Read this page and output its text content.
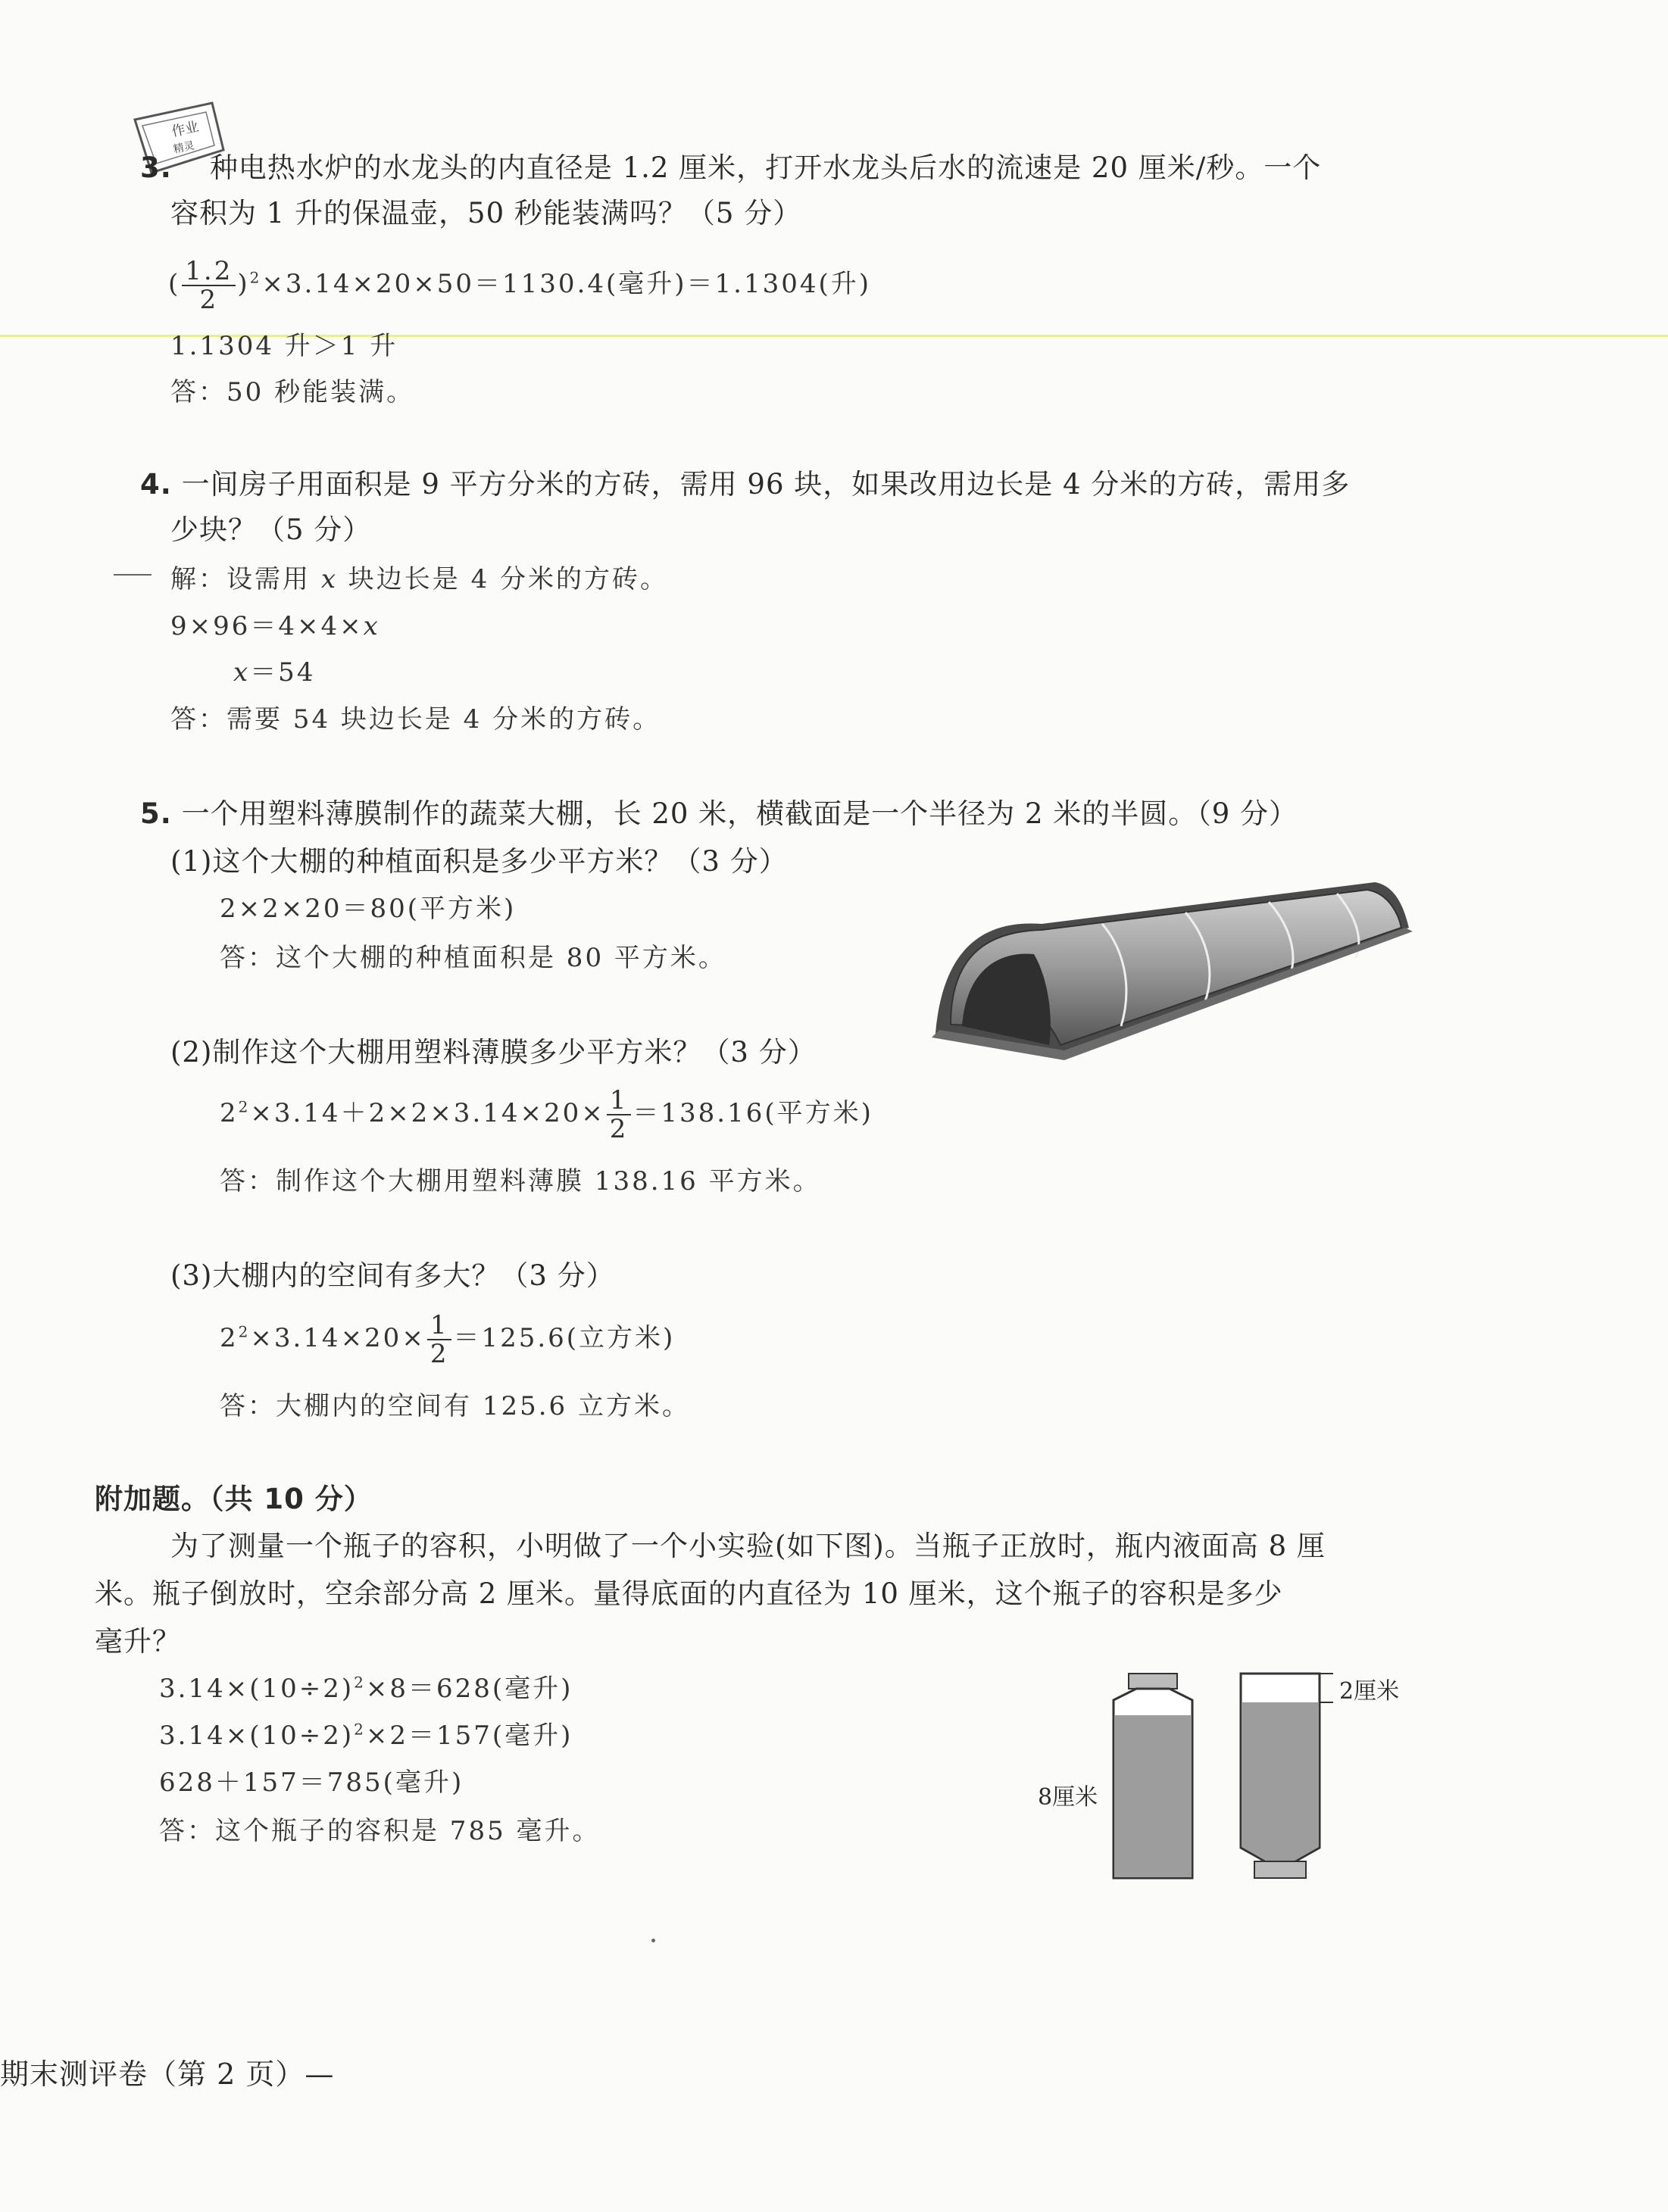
作业
精灵
3. 种电热水炉的水龙头的内直径是 1.2 厘米，打开水龙头后水的流速是 20 厘米/秒。一个
容积为 1 升的保温壶，50 秒能装满吗？（5 分）
( $\frac{1.2}{2} )^2\times 3.14\times 20\times 50=1130.4$(毫升)＝1.1304(升)
1.1304 升＞1 升
答：50 秒能装满。
4. 一间房子用面积是 9 平方分米的方砖，需用 96 块，如果改用边长是 4 分米的方砖，需用多
少块？（5 分）
解：设需用 x 块边长是 4 分米的方砖。
9×96＝4×4×x
x＝54
答：需要 54 块边长是 4 分米的方砖。
5. 一个用塑料薄膜制作的蔬菜大棚，长 20 米，横截面是一个半径为 2 米的半圆。（9 分）
(1)这个大棚的种植面积是多少平方米？（3 分）
2×2×20＝80(平方米)
答：这个大棚的种植面积是 80 平方米。
(2)制作这个大棚用塑料薄膜多少平方米？（3 分）
$2^2\times 3.14+2\times 2\times 3.14\times 20\times \frac{1}{2} =138.16$(平方米)
答：制作这个大棚用塑料薄膜 138.16 平方米。
(3)大棚内的空间有多大？（3 分）
$2^2\times 3.14\times 20\times \frac{1}{2} =125.6$(立方米)
答：大棚内的空间有 125.6 立方米。
附加题。（共 10 分）
为了测量一个瓶子的容积，小明做了一个小实验(如下图)。当瓶子正放时，瓶内液面高 8 厘
米。瓶子倒放时，空余部分高 2 厘米。量得底面的内直径为 10 厘米，这个瓶子的容积是多少
毫升？
$3.14\times(10\div 2)^2\times 8=628$(毫升)
$3.14\times(10\div 2)^2\times 2=157$(毫升)
628＋157＝785(毫升)
答：这个瓶子的容积是 785 毫升。
8厘米
2厘米
期末测评卷（第 2 页）—
